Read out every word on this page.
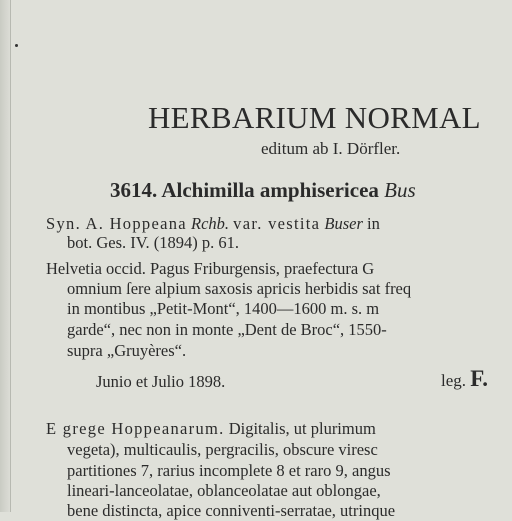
HERBARIUM NORMAL
editum ab I. Dörfler.
3614. Alchimilla amphisericea Bus
Syn. A. Hoppeana Rchb. var. vestita Buser in
bot. Ges. IV. (1894) p. 61.
Helvetia occid. Pagus Friburgensis, praefectura G
omnium ſere alpium saxosis apricis herbidis sat freq
in montibus „Petit-Mont“, 1400—1600 m. s. m
garde“, nec non in monte „Dent de Broc“, 1550-
supra „Gruyères“.
Junio et Julio 1898.	leg. F.
E grege Hoppeanarum. Digitalis, ut plurimum
vegeta), multicaulis, pergracilis, obscure viresc
partitiones 7, rarius incomplete 8 et raro 9, angus
lineari-lanceolatae, oblanceolatae aut oblongae,
bene distincta, apice conniventi-serratae, utrinque
